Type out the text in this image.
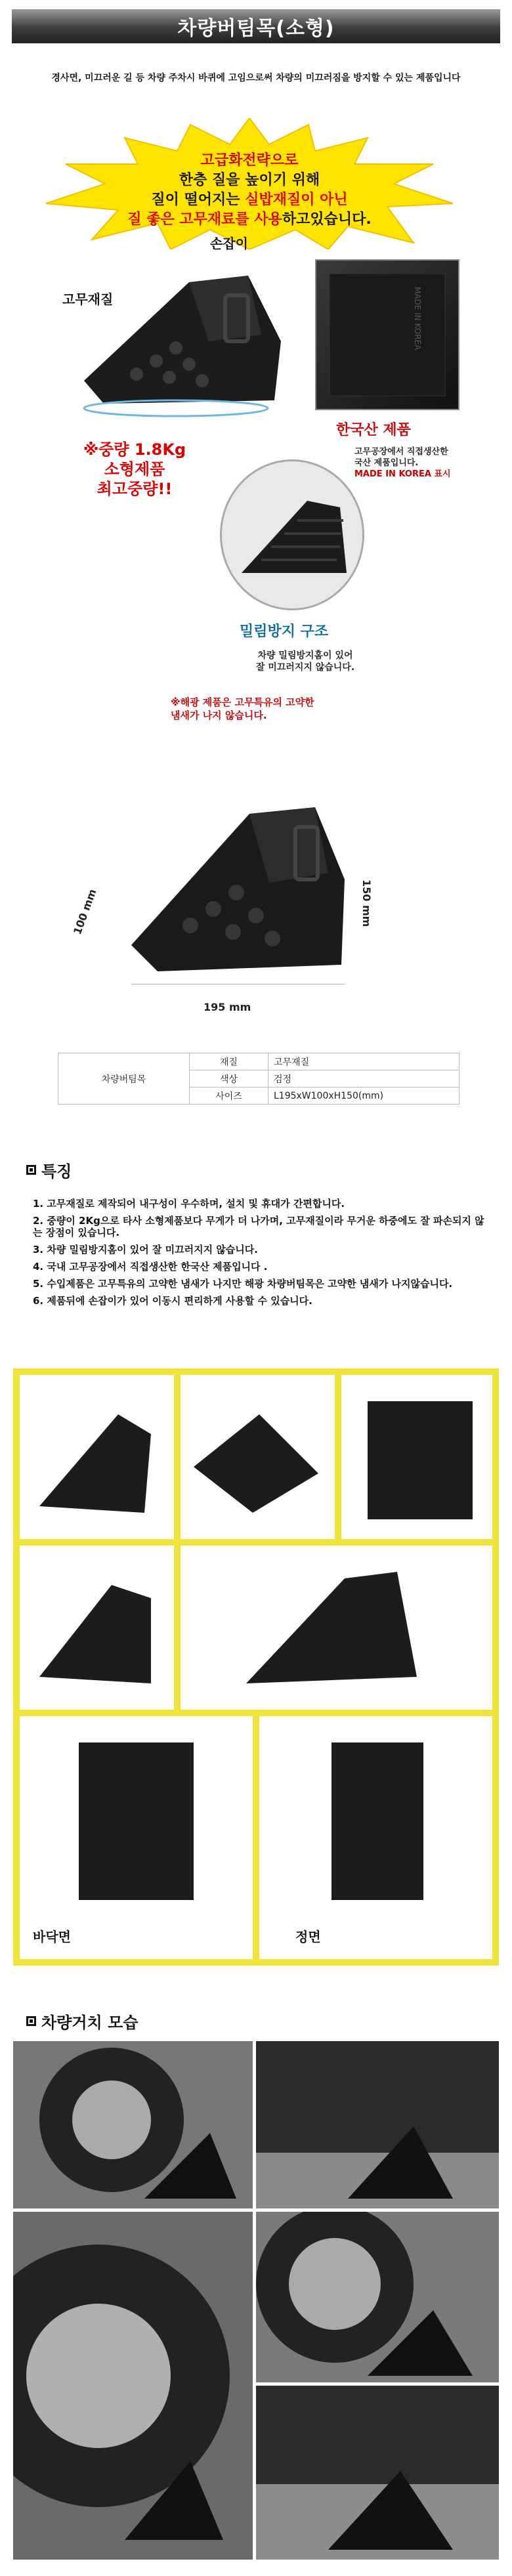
차량버팀목(소형)
경사면, 미끄러운 길 등 차량 주차시 바퀴에 고임으로써 차량의 미끄러짐을 방지할 수 있는 제품입니다
고급화전략으로
한층 질을 높이기 위해
질이 떨어지는 실밥재질이 아닌
질 좋은 고무재료를 사용하고있습니다.
고무재질
손잡이
MADE IN KOREA
한국산 제품
고무공장에서 직접생산한
국산 제품입니다.
MADE IN KOREA 표시
※중량 1.8Kg
소형제품
최고중량!!
밀림방지 구조
차량 밀림방지홈이 있어
잘 미끄러지지 않습니다.
※해광 제품은 고무특유의 고약한
냄새가 나지 않습니다.
150 mm
100 mm
195 mm
차량버팀목	재질	고무재질
	색상	검정
	사이즈	L195xW100xH150(mm)
특징
1. 고무재질로 제작되어 내구성이 우수하며, 설치 및 휴대가 간편합니다.
2. 중량이 2Kg으로 타사 소형제품보다 무게가 더 나가며, 고무재질이라 무거운 하중에도 잘 파손되지 않는 장점이 있습니다.
3. 차량 밀림방지홈이 있어 잘 미끄러지지 않습니다.
4. 국내 고무공장에서 직접생산한 한국산 제품입니다 .
5. 수입제품은 고무특유의 고약한 냄새가 나지만 해광 차량버팀목은 고약한 냄새가 나지않습니다.
6. 제품뒤에 손잡이가 있어 이동시 편리하게 사용할 수 있습니다.
바닥면	정면
차량거치 모습
